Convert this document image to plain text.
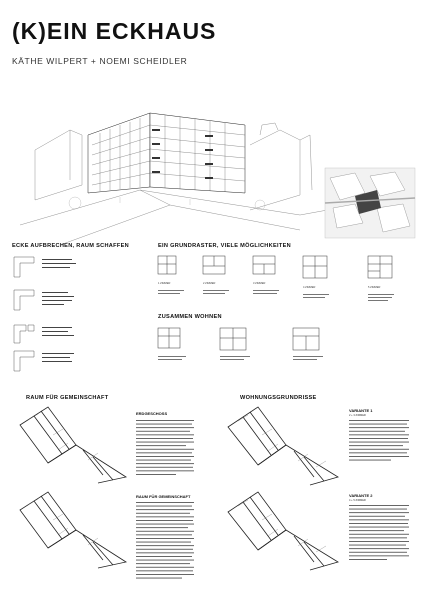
(K)EIN ECKHAUS
KÄTHE WILPERT + NOEMI SCHEIDLER
ECKE AUFBRECHEN, RAUM SCHAFFEN	EIN GRUNDRASTER, VIELE MÖGLICHKEITEN
1 ZIMMER	2 ZIMMER	3 ZIMMER
4 ZIMMER	5 ZIMMER
ZUSAMMEN WOHNEN
RAUM FÜR GEMEINSCHAFT
ERDGESCHOSS
RAUM FÜR GEMEINSCHAFT
WOHNUNGSGRUNDRISSE
VARIANTE 1
2 + 3 ZIMMER
VARIANTE 2
4 + 5 ZIMMER
